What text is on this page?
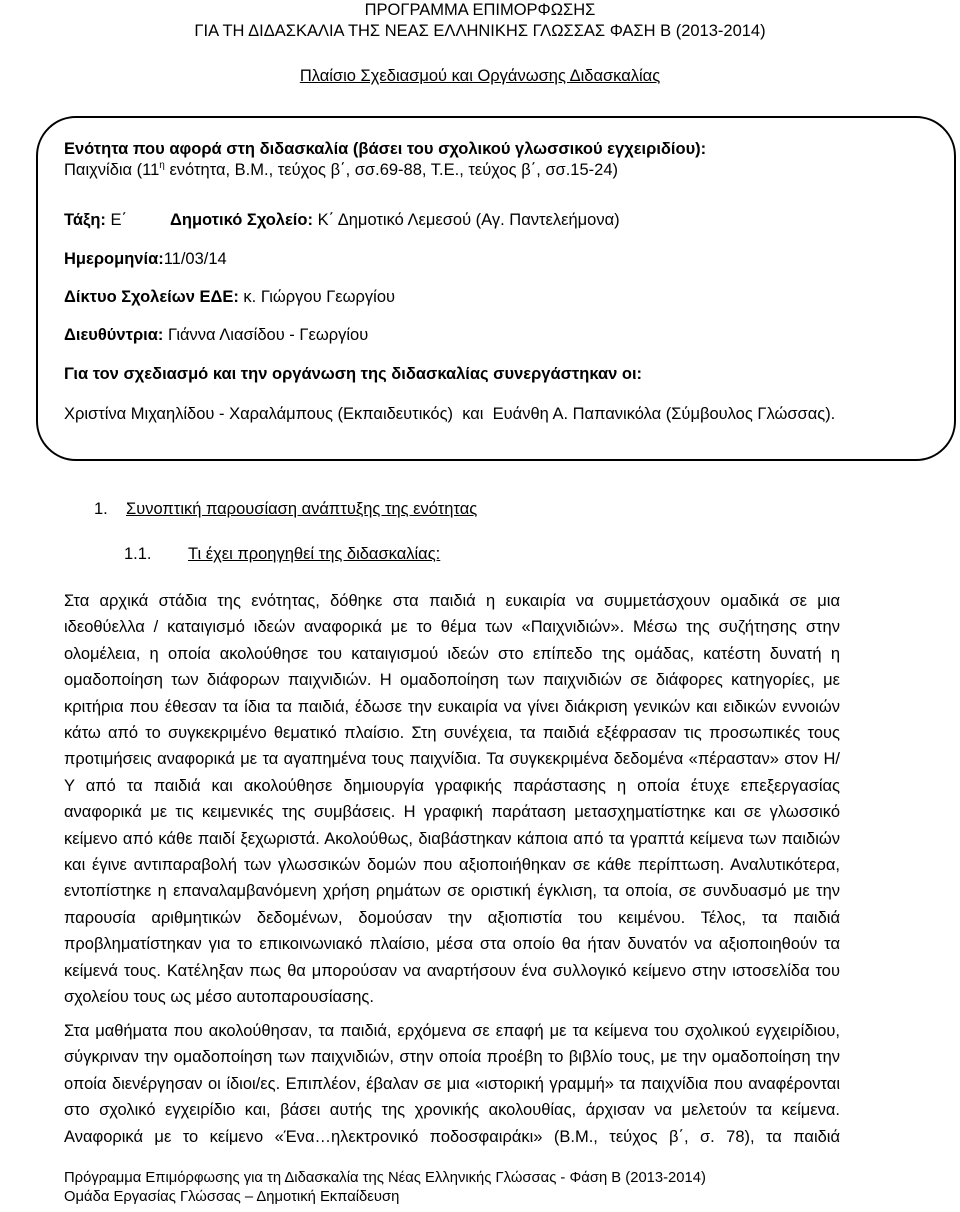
ΠΡΟΓΡΑΜΜΑ ΕΠΙΜΟΡΦΩΣΗΣ
ΓΙΑ ΤΗ ΔΙΔΑΣΚΑΛΙΑ ΤΗΣ ΝΕΑΣ ΕΛΛΗΝΙΚΗΣ ΓΛΩΣΣΑΣ ΦΑΣΗ Β (2013-2014)
Πλαίσιο Σχεδιασμού και Οργάνωσης Διδασκαλίας
Ενότητα που αφορά στη διδασκαλία (βάσει του σχολικού γλωσσικού εγχειριδίου):
Παιχνίδια ($11^\eta$ ενότητα, Β.Μ., τεύχος β΄, σσ.69-88, Τ.Ε., τεύχος β΄, σσ.15-24)
Τάξη: Ε΄	Δημοτικό Σχολείο: Κ΄ Δημοτικό Λεμεσού (Αγ. Παντελεήμονα)
Ημερομηνία:11/03/14
Δίκτυο Σχολείων ΕΔΕ: κ. Γιώργου Γεωργίου
Διευθύντρια: Γιάννα Λιασίδου - Γεωργίου
Για τον σχεδιασμό και την οργάνωση της διδασκαλίας συνεργάστηκαν οι:
Χριστίνα Μιχαηλίδου - Χαραλάμπους (Εκπαιδευτικός)  και  Ευάνθη Α. Παπανικόλα (Σύμβουλος Γλώσσας).
1. Συνοπτική παρουσίαση ανάπτυξης της ενότητας
1.1. Τι έχει προηγηθεί της διδασκαλίας:

Στα αρχικά στάδια της ενότητας, δόθηκε στα παιδιά η ευκαιρία να συμμετάσχουν ομαδικά σε μια ιδεοθύελλα / καταιγισμό ιδεών αναφορικά με το θέμα των «Παιχνιδιών». Μέσω της συζήτησης στην ολομέλεια, η οποία ακολούθησε του καταιγισμού ιδεών στο επίπεδο της ομάδας, κατέστη δυνατή η ομαδοποίηση των διάφορων παιχνιδιών. Η ομαδοποίηση των παιχνιδιών σε διάφορες κατηγορίες, με κριτήρια που έθεσαν τα ίδια τα παιδιά, έδωσε την ευκαιρία να γίνει διάκριση γενικών και ειδικών εννοιών κάτω από το συγκεκριμένο θεματικό πλαίσιο. Στη συνέχεια, τα παιδιά εξέφρασαν τις προσωπικές τους προτιμήσεις αναφορικά με τα αγαπημένα τους παιχνίδια. Τα συγκεκριμένα δεδομένα «πέρασταν» στον Η/Υ από τα παιδιά και ακολούθησε δημιουργία γραφικής παράστασης η οποία έτυχε επεξεργασίας αναφορικά με τις κειμενικές της συμβάσεις. Η γραφική παράταση μετασχηματίστηκε και σε γλωσσικό κείμενο από κάθε παιδί ξεχωριστά. Ακολούθως, διαβάστηκαν κάποια από τα γραπτά κείμενα των παιδιών και έγινε αντιπαραβολή των γλωσσικών δομών που αξιοποιήθηκαν σε κάθε περίπτωση. Αναλυτικότερα, εντοπίστηκε η επαναλαμβανόμενη χρήση ρημάτων σε οριστική έγκλιση, τα οποία, σε συνδυασμό με την παρουσία αριθμητικών δεδομένων, δομούσαν την αξιοπιστία του κειμένου. Τέλος, τα παιδιά προβληματίστηκαν για το επικοινωνιακό πλαίσιο, μέσα στα οποίο θα ήταν δυνατόν να αξιοποιηθούν τα κείμενά τους. Κατέληξαν πως θα μπορούσαν να αναρτήσουν ένα συλλογικό κείμενο στην ιστοσελίδα του σχολείου τους ως μέσο αυτοπαρουσίασης.

Στα μαθήματα που ακολούθησαν, τα παιδιά, ερχόμενα σε επαφή με τα κείμενα του σχολικού εγχειρίδιου, σύγκριναν την ομαδοποίηση των παιχνιδιών, στην οποία προέβη το βιβλίο τους, με την ομαδοποίηση την οποία διενέργησαν οι ίδιοι/ες. Επιπλέον, έβαλαν σε μια «ιστορική γραμμή» τα παιχνίδια που αναφέρονται στο σχολικό εγχειρίδιο και, βάσει αυτής της χρονικής ακολουθίας, άρχισαν να μελετούν τα κείμενα. Αναφορικά με το κείμενο «Ένα…ηλεκτρονικό ποδοσφαιράκι» (Β.Μ., τεύχος β΄, σ. 78), τα παιδιά

Πρόγραμμα Επιμόρφωσης για τη Διδασκαλία της Νέας Ελληνικής Γλώσσας - Φάση Β (2013-2014)
Ομάδα Εργασίας Γλώσσας – Δημοτική Εκπαίδευση
